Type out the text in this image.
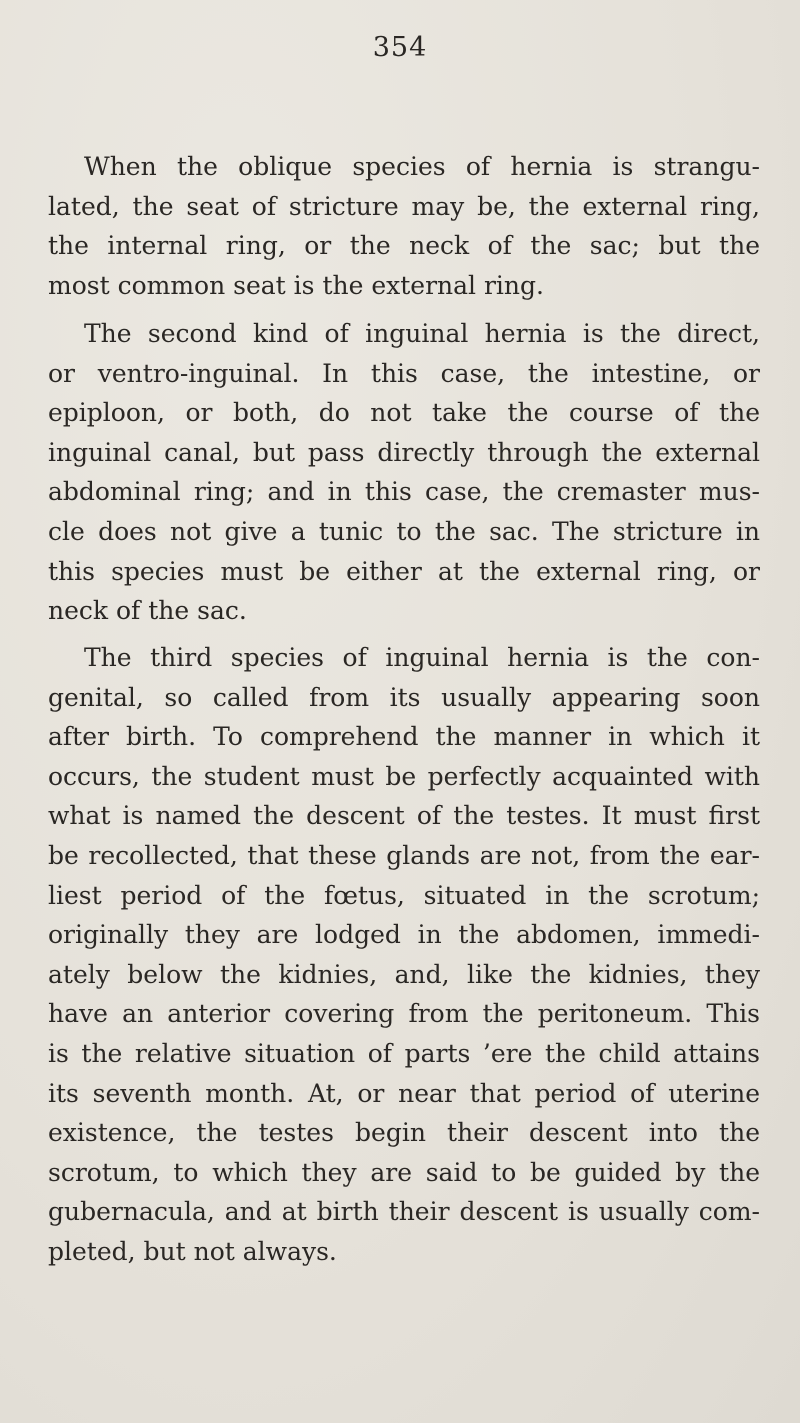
354

When the oblique species of hernia is strangu-
lated, the seat of stricture may be, the external ring,
the internal ring, or the neck of the sac; but the
most common seat is the external ring.

The second kind of inguinal hernia is the direct,
or ventro-inguinal. In this case, the intestine, or
epiploon, or both, do not take the course of the
inguinal canal, but pass directly through the external
abdominal ring; and in this case, the cremaster mus-
cle does not give a tunic to the sac. The stricture in
this species must be either at the external ring, or
neck of the sac.

The third species of inguinal hernia is the con-
genital, so called from its usually appearing soon
after birth. To comprehend the manner in which it
occurs, the student must be perfectly acquainted with
what is named the descent of the testes. It must first
be recollected, that these glands are not, from the ear-
liest period of the fœtus, situated in the scrotum;
originally they are lodged in the abdomen, immedi-
ately below the kidnies, and, like the kidnies, they
have an anterior covering from the peritoneum. This
is the relative situation of parts ’ere the child attains
its seventh month. At, or near that period of uterine
existence, the testes begin their descent into the
scrotum, to which they are said to be guided by the
gubernacula, and at birth their descent is usually com-
pleted, but not always.
